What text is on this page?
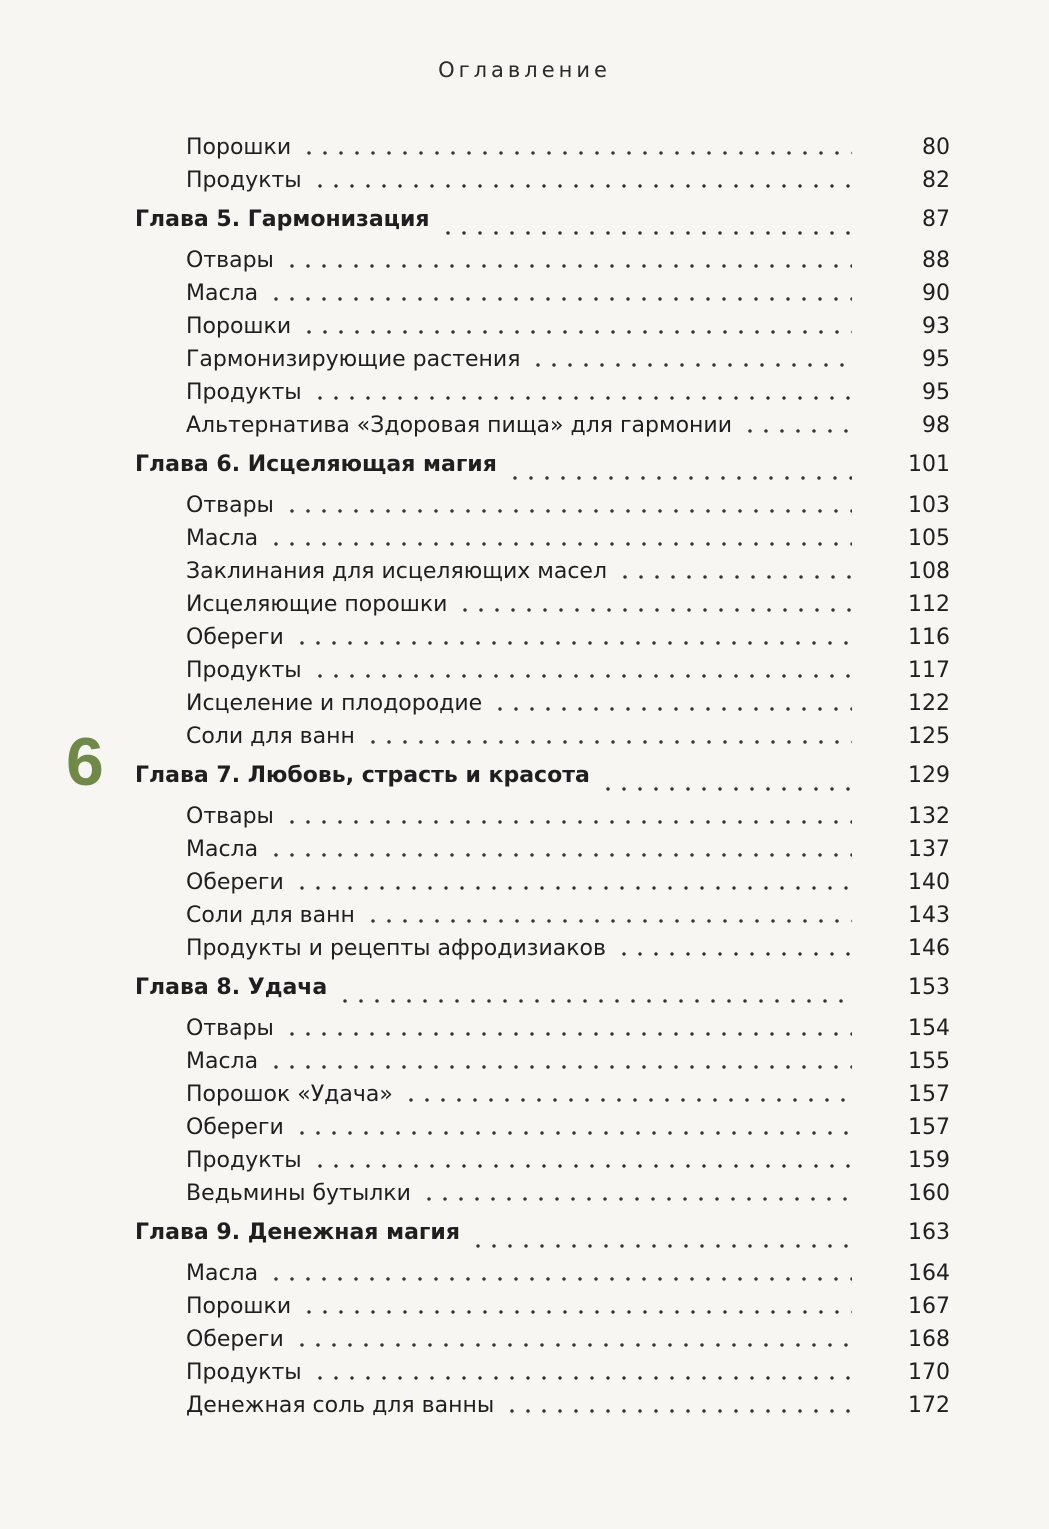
Оглавление
6
Порошки	80
Продукты	82
Глава 5. Гармонизация	87
Отвары	88
Масла	90
Порошки	93
Гармонизирующие растения	95
Продукты	95
Альтернатива «Здоровая пища» для гармонии	98
Глава 6. Исцеляющая магия	101
Отвары	103
Масла	105
Заклинания для исцеляющих масел	108
Исцеляющие порошки	112
Обереги	116
Продукты	117
Исцеление и плодородие	122
Соли для ванн	125
Глава 7. Любовь, страсть и красота	129
Отвары	132
Масла	137
Обереги	140
Соли для ванн	143
Продукты и рецепты афродизиаков	146
Глава 8. Удача	153
Отвары	154
Масла	155
Порошок «Удача»	157
Обереги	157
Продукты	159
Ведьмины бутылки	160
Глава 9. Денежная магия	163
Масла	164
Порошки	167
Обереги	168
Продукты	170
Денежная соль для ванны	172
